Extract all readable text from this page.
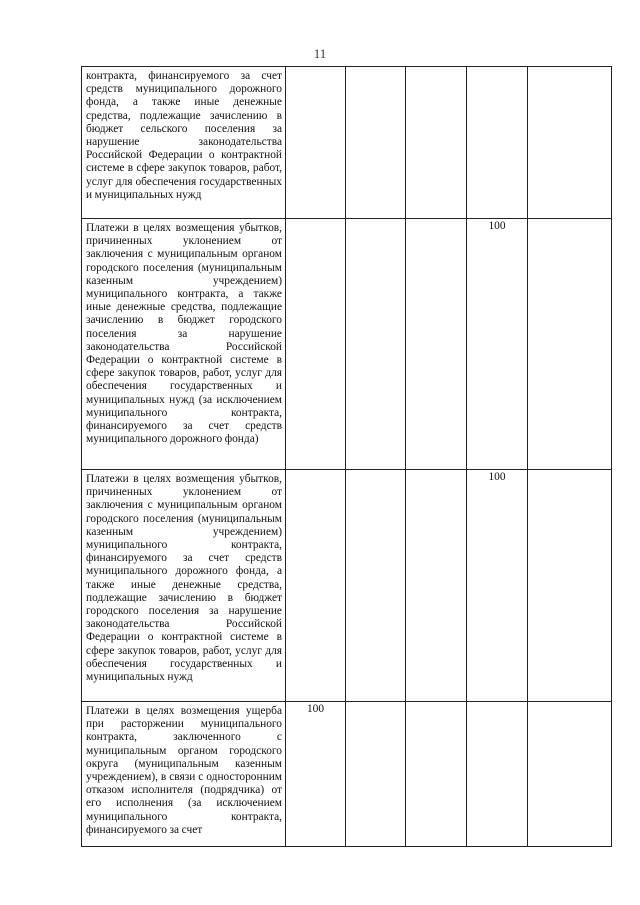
11
контракта, финансируемого за счет средств муниципального дорожного фонда, а также иные денежные средства, подлежащие зачислению в бюджет сельского поселения за нарушение законодательства Российской Федерации о контрактной системе в сфере закупок товаров, работ, услуг для обеспечения государственных и муниципальных нужд					

Платежи в целях возмещения убытков, причиненных уклонением от заключения с муниципальным органом городского поселения (муниципальным казенным учреждением) муниципального контракта, а также иные денежные средства, подлежащие зачислению в бюджет городского поселения за нарушение законодательства Российской Федерации о контрактной системе в сфере закупок товаров, работ, услуг для обеспечения государственных и муниципальных нужд (за исключением муниципального контракта, финансируемого за счет средств муниципального дорожного фонда)				100	

Платежи в целях возмещения убытков, причиненных уклонением от заключения с муниципальным органом городского поселения (муниципальным казенным учреждением) муниципального контракта, финансируемого за счет средств муниципального дорожного фонда, а также иные денежные средства, подлежащие зачислению в бюджет городского поселения за нарушение законодательства Российской Федерации о контрактной системе в сфере закупок товаров, работ, услуг для обеспечения государственных и муниципальных нужд				100	

Платежи в целях возмещения ущерба при расторжении муниципального контракта, заключенного с муниципальным органом городского округа (муниципальным казенным учреждением), в связи с односторонним отказом исполнителя (подрядчика) от его исполнения (за исключением муниципального контракта, финансируемого за счет	100				
